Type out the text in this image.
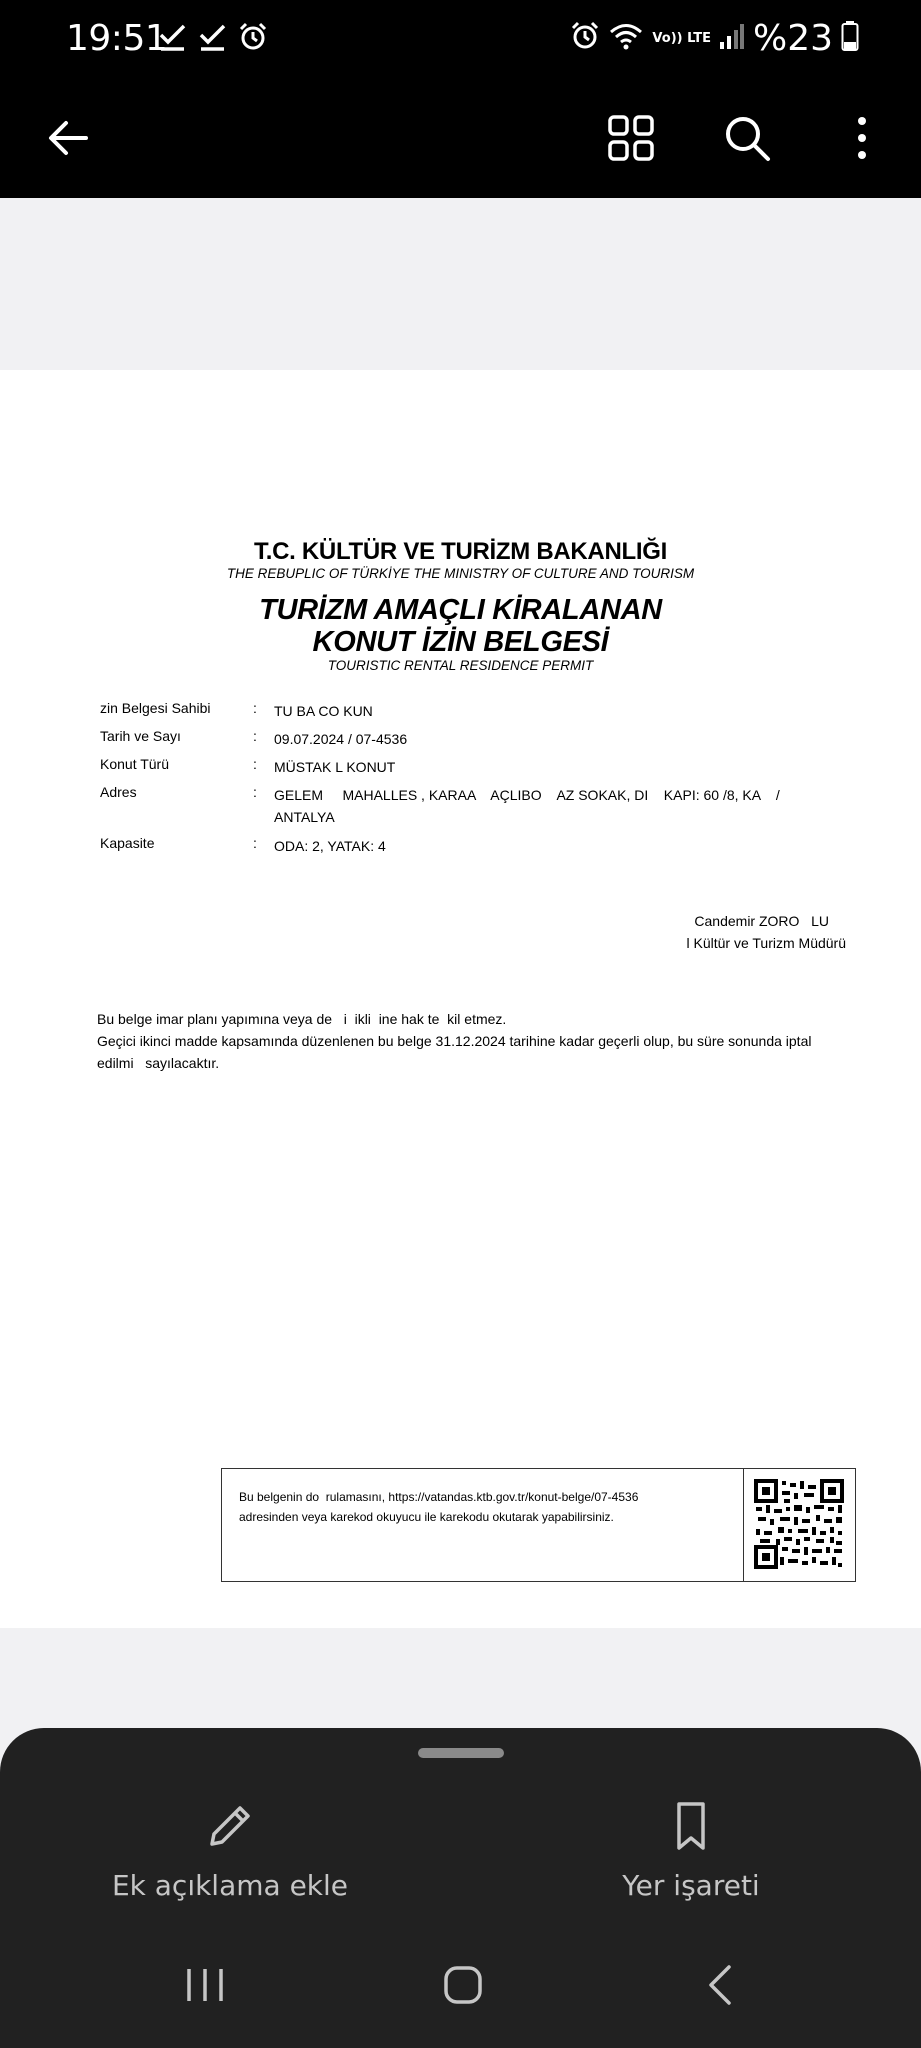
19:51	Vo)) LTE %23
T.C. KÜLTÜR VE TURİZM BAKANLIĞI
THE REBUPLIC OF TÜRKİYE THE MINISTRY OF CULTURE AND TOURISM
TURİZM AMAÇLI KİRALANAN
KONUT İZİN BELGESİ
TOURISTIC RENTAL RESIDENCE PERMIT
zin Belgesi Sahibi	: TU BA CO KUN
Tarih ve Sayı	: 09.07.2024 / 07-4536
Konut Türü	: MÜSTAK L KONUT
Adres	: GELEM     MAHALLES , KARAA    AÇLIBO    AZ SOKAK, DI    KAPI: 60 /8, KA    /
ANTALYA
Kapasite	: ODA: 2, YATAK: 4
Candemir ZORO   LU
l Kültür ve Turizm Müdürü
Bu belge imar planı yapımına veya de   i  ikli  ine hak te  kil etmez.
Geçici ikinci madde kapsamında düzenlenen bu belge 31.12.2024 tarihine kadar geçerli olup, bu süre sonunda iptal
edilmi   sayılacaktır.
Bu belgenin do  rulamasını, https://vatandas.ktb.gov.tr/konut-belge/07-4536
adresinden veya karekod okuyucu ile karekodu okutarak yapabilirsiniz.
Ek açıklama ekle	Yer işareti
